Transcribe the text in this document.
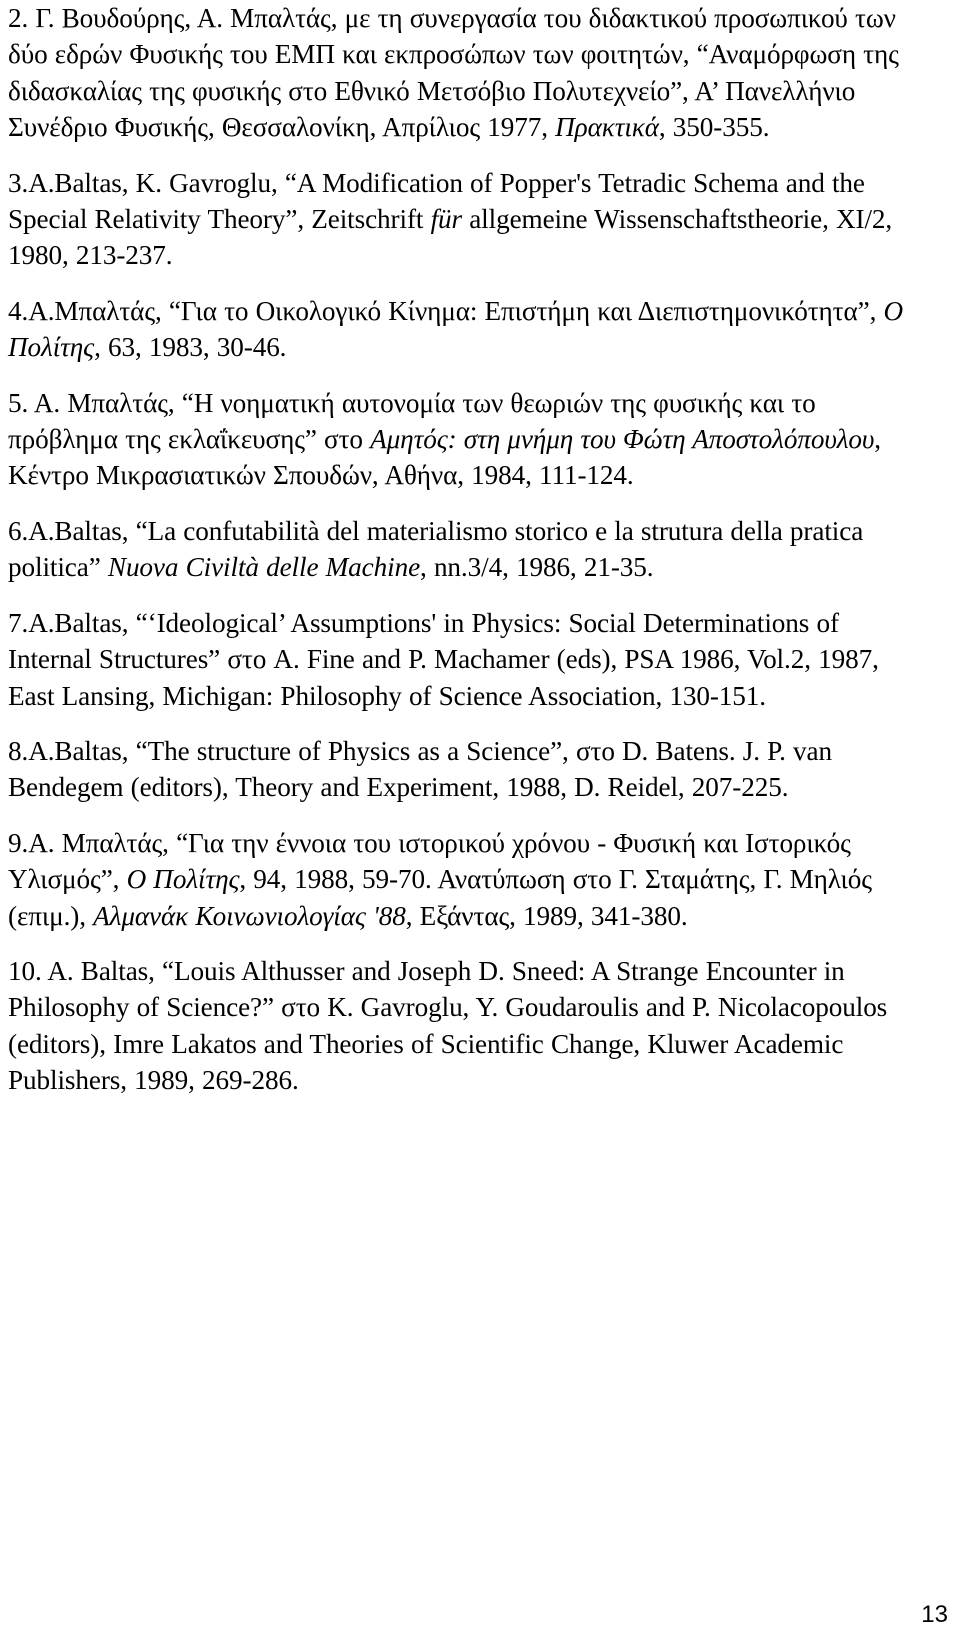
2. Γ. Βουδούρης, Α. Μπαλτάς, με τη συνεργασία του διδακτικού προσωπικού των δύο εδρών Φυσικής του ΕΜΠ και εκπροσώπων των φοιτητών, “Αναμόρφωση της διδασκαλίας της φυσικής στο Εθνικό Μετσόβιο Πολυτεχνείο”, Α’ Πανελλήνιο Συνέδριο Φυσικής, Θεσσαλονίκη, Απρίλιος 1977, Πρακτικά, 350-355.

3.A.Baltas, K. Gavroglu, “A Modification of Popper's Tetradic Schema and the Special Relativity Theory”, Zeitschrift für allgemeine Wissenschaftstheorie, XI/2, 1980, 213-237.

4.Α.Μπαλτάς, “Για το Οικολογικό Κίνημα: Επιστήμη και Διεπιστημονικότητα”, Ο Πολίτης, 63, 1983, 30-46.

5. Α. Μπαλτάς, “Η νοηματική αυτονομία των θεωριών της φυσικής και το πρόβλημα της εκλαΐκευσης” στο Αμητός: στη μνήμη του Φώτη Αποστολόπουλου, Κέντρο Μικρασιατικών Σπουδών, Αθήνα, 1984, 111-124.

6.A.Baltas, “La confutabilità del materialismo storico e la strutura della pratica politica” Nuova Civiltà delle Machine, nn.3/4, 1986, 21-35.

7.A.Baltas, “‘Ideological’ Assumptions' in Physics: Social Determinations of Internal Structures” στο A. Fine and P. Machamer (eds), PSA 1986, Vol.2, 1987, East Lansing, Michigan: Philosophy of Science Association, 130-151.

8.A.Baltas, “The structure of Physics as a Science”, στο D. Batens. J. P. van Bendegem (editors), Theory and Experiment, 1988, D. Reidel, 207-225.

9.Α. Μπαλτάς, “Για την έννοια του ιστορικού χρόνου - Φυσική και Ιστορικός Υλισμός”, Ο Πολίτης, 94, 1988, 59-70. Ανατύπωση στο Γ. Σταμάτης, Γ. Μηλιός (επιμ.), Αλμανάκ Κοινωνιολογίας '88, Εξάντας, 1989, 341-380.

10. A. Baltas, “Louis Althusser and Joseph D. Sneed: A Strange Encounter in Philosophy of Science?” στο K. Gavroglu, Y. Goudaroulis and P. Nicolacopoulos (editors), Imre Lakatos and Theories of Scientific Change, Kluwer Academic Publishers, 1989, 269-286.

13
